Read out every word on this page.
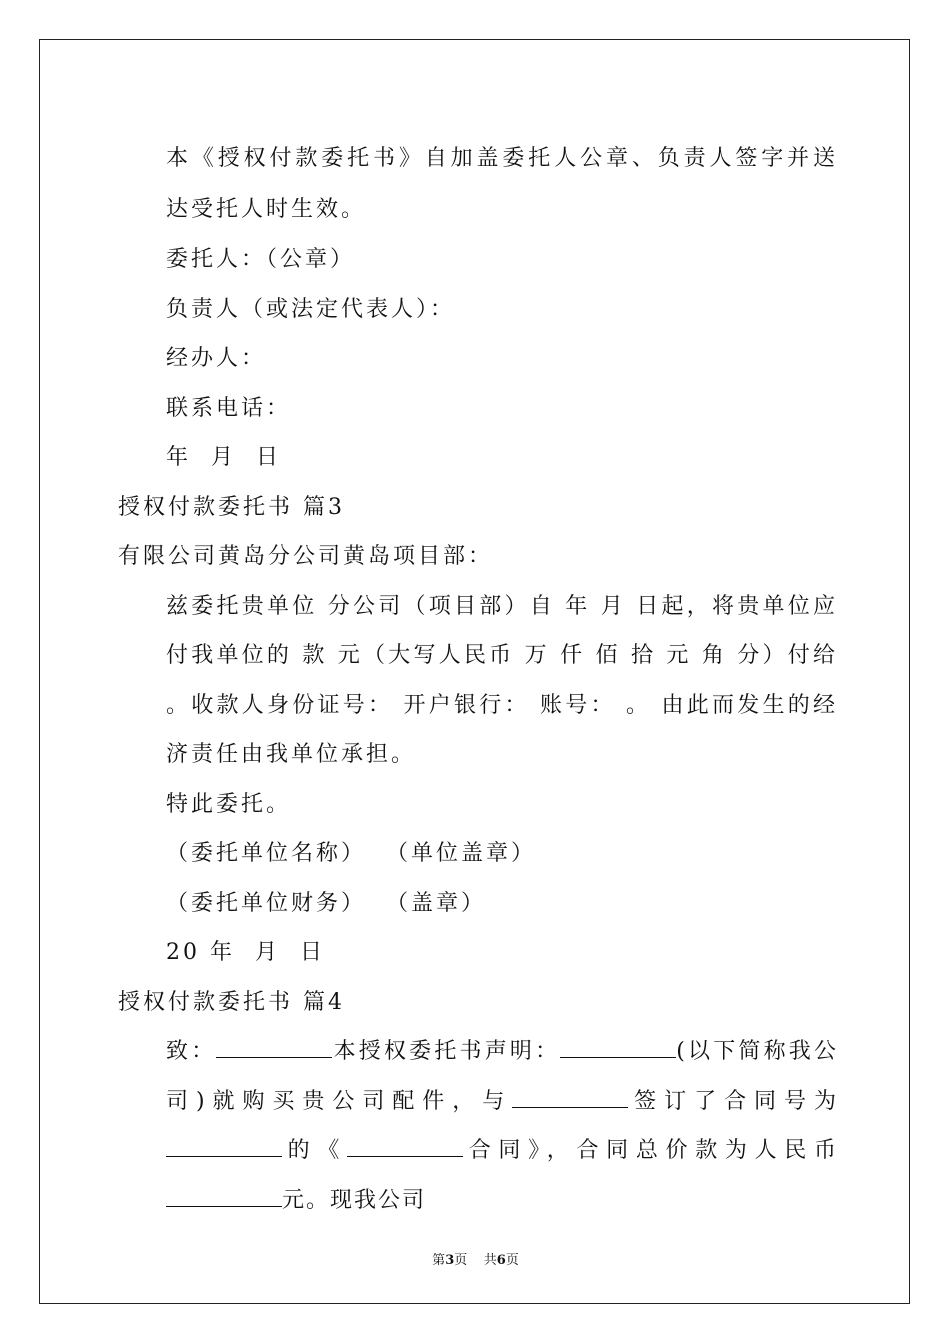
本《授权付款委托书》自加盖委托人公章、负责人签字并送达受托人时生效。

委托人：（公章）

负责人（或法定代表人）：

经办人：

联系电话：

年  月  日

授权付款委托书 篇3

有限公司黄岛分公司黄岛项目部：

兹委托贵单位 分公司（项目部）自 年 月 日起，将贵单位应付我单位的 款 元（大写人民币 万 仟 佰 拾 元 角 分）付给 。收款人身份证号： 开户银行： 账号： 。 由此而发生的经济责任由我单位承担。

特此委托。

（委托单位名称）  （单位盖章）

（委托单位财务）  （盖章）

20 年  月  日

授权付款委托书 篇4

致：	本授权委托书声明：	(以下简称我公司)就购买贵公司配件，与	签订了合同号为的《	合同》，合同总价款为人民币元。现我公司

第3页    共6页
